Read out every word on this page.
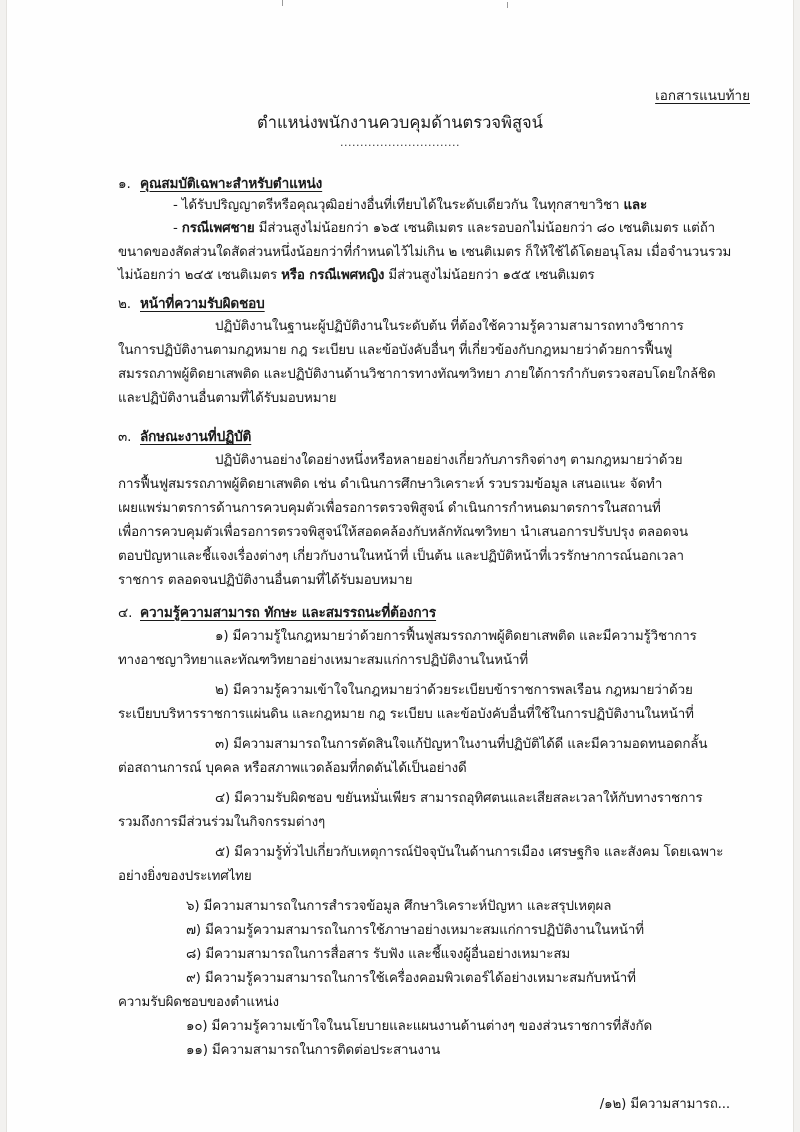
เอกสารแนบท้าย
ตำแหน่งพนักงานควบคุมด้านตรวจพิสูจน์
..............................
๑. คุณสมบัติเฉพาะสำหรับตำแหน่ง
- ได้รับปริญญาตรีหรือคุณวุฒิอย่างอื่นที่เทียบได้ในระดับเดียวกัน ในทุกสาขาวิชา และ
- กรณีเพศชาย มีส่วนสูงไม่น้อยกว่า ๑๖๕ เซนติเมตร และรอบอกไม่น้อยกว่า ๘๐ เซนติเมตร แต่ถ้า
ขนาดของสัดส่วนใดสัดส่วนหนึ่งน้อยกว่าที่กำหนดไว้ไม่เกิน ๒ เซนติเมตร ก็ให้ใช้ได้โดยอนุโลม เมื่อจำนวนรวม
ไม่น้อยกว่า ๒๔๕ เซนติเมตร หรือ กรณีเพศหญิง มีส่วนสูงไม่น้อยกว่า ๑๕๕ เซนติเมตร
๒. หน้าที่ความรับผิดชอบ
ปฏิบัติงานในฐานะผู้ปฏิบัติงานในระดับต้น ที่ต้องใช้ความรู้ความสามารถทางวิชาการ
ในการปฏิบัติงานตามกฎหมาย กฎ ระเบียบ และข้อบังคับอื่นๆ ที่เกี่ยวข้องกับกฎหมายว่าด้วยการฟื้นฟู
สมรรถภาพผู้ติดยาเสพติด และปฏิบัติงานด้านวิชาการทางทัณฑวิทยา ภายใต้การกำกับตรวจสอบโดยใกล้ชิด
และปฏิบัติงานอื่นตามที่ได้รับมอบหมาย
๓. ลักษณะงานที่ปฏิบัติ
ปฏิบัติงานอย่างใดอย่างหนึ่งหรือหลายอย่างเกี่ยวกับภารกิจต่างๆ ตามกฎหมายว่าด้วย
การฟื้นฟูสมรรถภาพผู้ติดยาเสพติด เช่น ดำเนินการศึกษาวิเคราะห์ รวบรวมข้อมูล เสนอแนะ จัดทำ
เผยแพร่มาตรการด้านการควบคุมตัวเพื่อรอการตรวจพิสูจน์ ดำเนินการกำหนดมาตรการในสถานที่
เพื่อการควบคุมตัวเพื่อรอการตรวจพิสูจน์ให้สอดคล้องกับหลักทัณฑวิทยา นำเสนอการปรับปรุง ตลอดจน
ตอบปัญหาและชี้แจงเรื่องต่างๆ เกี่ยวกับงานในหน้าที่ เป็นต้น และปฏิบัติหน้าที่เวรรักษาการณ์นอกเวลา
ราชการ ตลอดจนปฏิบัติงานอื่นตามที่ได้รับมอบหมาย
๔. ความรู้ความสามารถ ทักษะ และสมรรถนะที่ต้องการ
๑) มีความรู้ในกฎหมายว่าด้วยการฟื้นฟูสมรรถภาพผู้ติดยาเสพติด และมีความรู้วิชาการ
ทางอาชญาวิทยาและทัณฑวิทยาอย่างเหมาะสมแก่การปฏิบัติงานในหน้าที่
๒) มีความรู้ความเข้าใจในกฎหมายว่าด้วยระเบียบข้าราชการพลเรือน กฎหมายว่าด้วย
ระเบียบบริหารราชการแผ่นดิน และกฎหมาย กฎ ระเบียบ และข้อบังคับอื่นที่ใช้ในการปฏิบัติงานในหน้าที่
๓) มีความสามารถในการตัดสินใจแก้ปัญหาในงานที่ปฏิบัติได้ดี และมีความอดทนอดกลั้น
ต่อสถานการณ์ บุคคล หรือสภาพแวดล้อมที่กดดันได้เป็นอย่างดี
๔) มีความรับผิดชอบ ขยันหมั่นเพียร สามารถอุทิศตนและเสียสละเวลาให้กับทางราชการ
รวมถึงการมีส่วนร่วมในกิจกรรมต่างๆ
๕) มีความรู้ทั่วไปเกี่ยวกับเหตุการณ์ปัจจุบันในด้านการเมือง เศรษฐกิจ และสังคม โดยเฉพาะ
อย่างยิ่งของประเทศไทย
๖) มีความสามารถในการสำรวจข้อมูล ศึกษาวิเคราะห์ปัญหา และสรุปเหตุผล
๗) มีความรู้ความสามารถในการใช้ภาษาอย่างเหมาะสมแก่การปฏิบัติงานในหน้าที่
๘) มีความสามารถในการสื่อสาร รับฟัง และชี้แจงผู้อื่นอย่างเหมาะสม
๙) มีความรู้ความสามารถในการใช้เครื่องคอมพิวเตอร์ได้อย่างเหมาะสมกับหน้าที่
ความรับผิดชอบของตำแหน่ง
๑๐) มีความรู้ความเข้าใจในนโยบายและแผนงานด้านต่างๆ ของส่วนราชการที่สังกัด
๑๑) มีความสามารถในการติดต่อประสานงาน
/๑๒) มีความสามารถ...
